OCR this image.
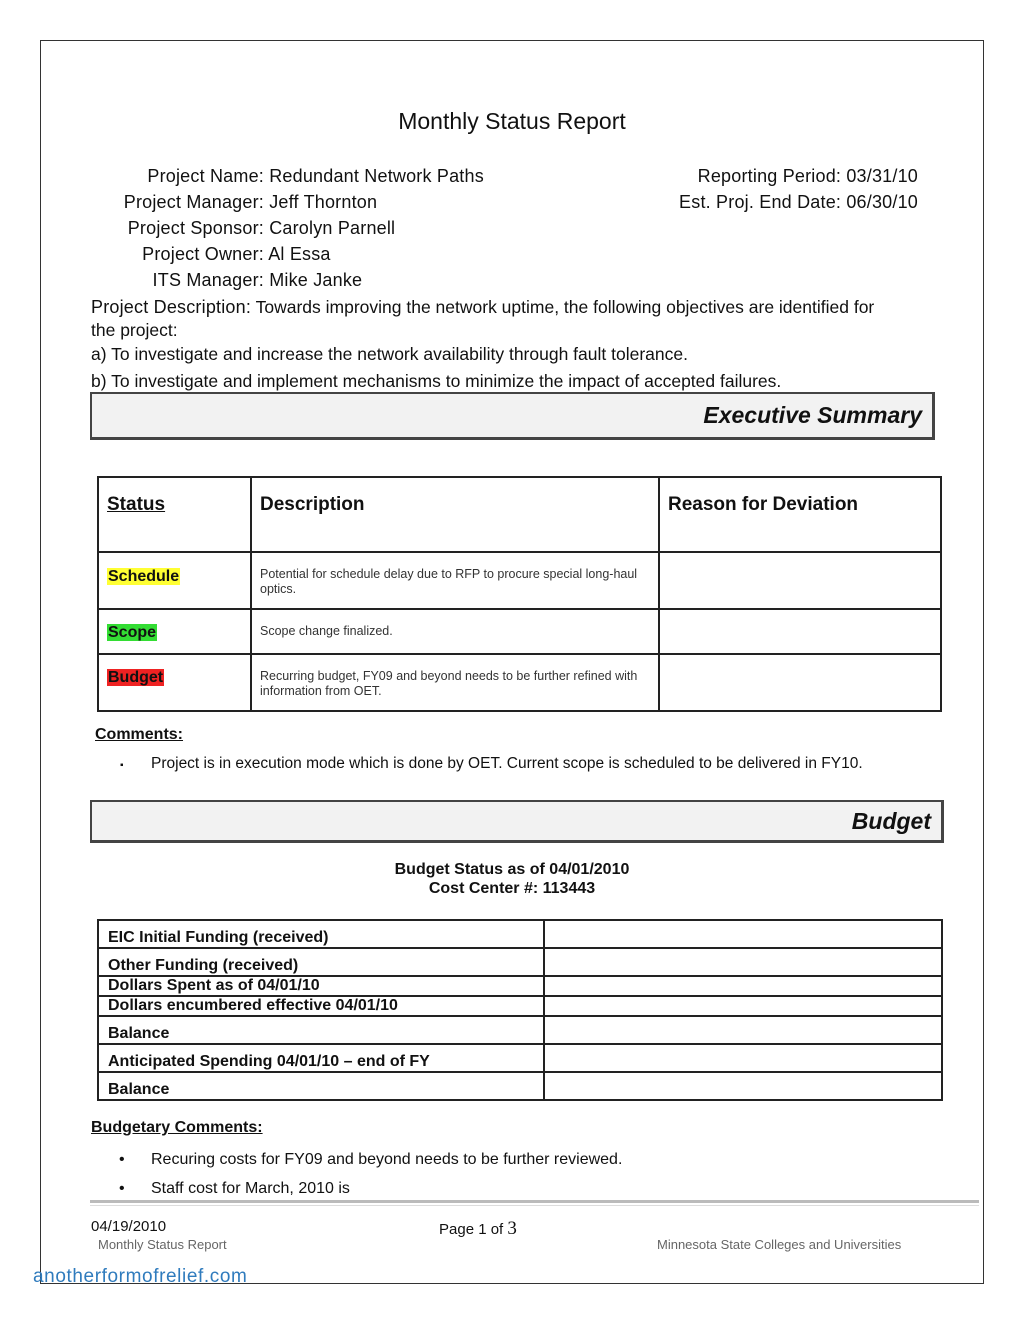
Monthly Status Report
Project Name: Redundant Network Paths
Project Manager: Jeff Thornton
Project Sponsor: Carolyn Parnell
Project Owner: Al Essa
ITS Manager: Mike Janke
Reporting Period: 03/31/10
Est. Proj. End Date: 06/30/10
Project Description: Towards improving the network uptime, the following objectives are identified for
the project:
a) To investigate and increase the network availability through fault tolerance.
b) To investigate and implement mechanisms to minimize the impact of accepted failures.
Executive Summary
Status	Description	Reason for Deviation
Schedule	Potential for schedule delay due to RFP to procure special long-haul optics.	
Scope	Scope change finalized.	
Budget	Recurring budget, FY09 and beyond needs to be further refined with information from OET.	
Comments:
▪ Project is in execution mode which is done by OET. Current scope is scheduled to be delivered in FY10.
Budget
Budget Status as of 04/01/2010
Cost Center #: 113443
EIC Initial Funding (received)	
Other Funding (received)	
Dollars Spent as of 04/01/10	
Dollars encumbered effective 04/01/10	
Balance	
Anticipated Spending 04/01/10 – end of FY	
Balance	
Budgetary Comments:
• Recuring costs for FY09 and beyond needs to be further reviewed.
• Staff cost for March, 2010 is
04/19/2010	Page 1 of 3
Monthly Status Report	Minnesota State Colleges and Universities
anotherformofrelief.com
